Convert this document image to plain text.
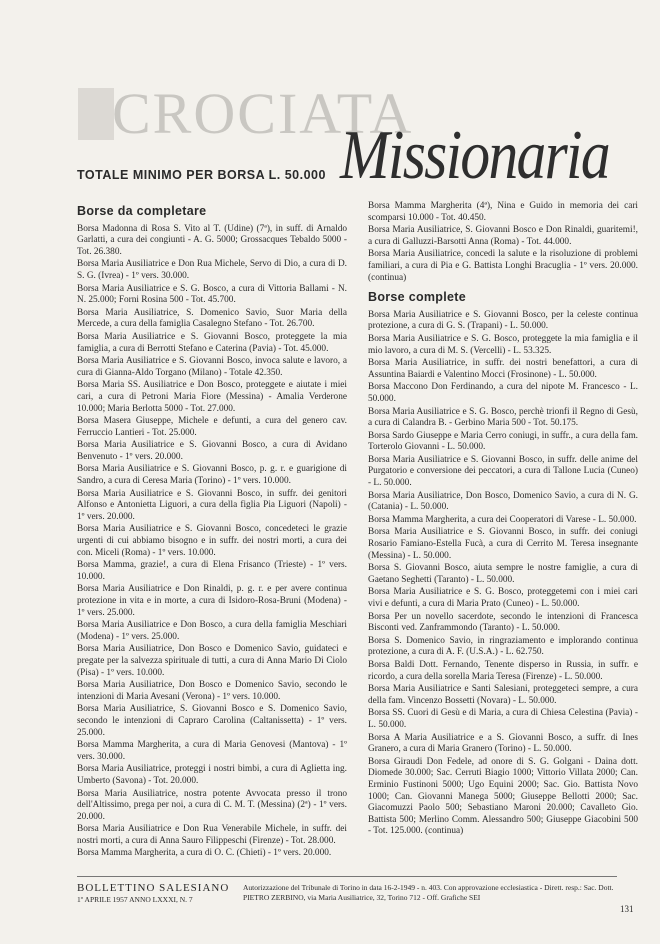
CROCIATA
Missionaria
TOTALE MINIMO PER BORSA L. 50.000
Borse da completare
Borsa Madonna di Rosa S. Vito al T. (Udine) (7ª), in suff. di Arnaldo Garlatti, a cura dei congiunti - A. G. 5000; Grossacques Tebaldo 5000 - Tot. 26.380.
Borsa Maria Ausiliatrice e Don Rua Michele, Servo di Dio, a cura di D. S. G. (Ivrea) - 1º vers. 30.000.
Borsa Maria Ausiliatrice e S. G. Bosco, a cura di Vittoria Ballami - N. N. 25.000; Forni Rosina 500 - Tot. 45.700.
Borsa Maria Ausiliatrice, S. Domenico Savio, Suor Maria della Mercede, a cura della famiglia Casalegno Stefano - Tot. 26.700.
Borsa Maria Ausiliatrice e S. Giovanni Bosco, proteggete la mia famiglia, a cura di Berrotti Stefano e Caterina (Pavia) - Tot. 45.000.
Borsa Maria Ausiliatrice e S. Giovanni Bosco, invoca salute e lavoro, a cura di Gianna-Aldo Torgano (Milano) - Totale 42.350.
Borsa Maria SS. Ausiliatrice e Don Bosco, proteggete e aiutate i miei cari, a cura di Petroni Maria Fiore (Messina) - Amalia Verderone 10.000; Maria Berlotta 5000 - Tot. 27.000.
Borsa Masera Giuseppe, Michele e defunti, a cura del genero cav. Ferruccio Lantieri - Tot. 25.000.
Borsa Maria Ausiliatrice e S. Giovanni Bosco, a cura di Avidano Benvenuto - 1º vers. 20.000.
Borsa Maria Ausiliatrice e S. Giovanni Bosco, p. g. r. e guarigione di Sandro, a cura di Ceresa Maria (Torino) - 1º vers. 10.000.
Borsa Maria Ausiliatrice e S. Giovanni Bosco, in suffr. dei genitori Alfonso e Antonietta Liguori, a cura della figlia Pia Liguori (Napoli) - 1º vers. 20.000.
Borsa Maria Ausiliatrice e S. Giovanni Bosco, concedeteci le grazie urgenti di cui abbiamo bisogno e in suffr. dei nostri morti, a cura dei con. Miceli (Roma) - 1º vers. 10.000.
Borsa Mamma, grazie!, a cura di Elena Frisanco (Trieste) - 1º vers. 10.000.
Borsa Maria Ausiliatrice e Don Rinaldi, p. g. r. e per avere continua protezione in vita e in morte, a cura di Isidoro-Rosa-Bruni (Modena) - 1º vers. 25.000.
Borsa Maria Ausiliatrice e Don Bosco, a cura della famiglia Meschiari (Modena) - 1º vers. 25.000.
Borsa Maria Ausiliatrice, Don Bosco e Domenico Savio, guidateci e pregate per la salvezza spirituale di tutti, a cura di Anna Mario Di Ciolo (Pisa) - 1º vers. 10.000.
Borsa Maria Ausiliatrice, Don Bosco e Domenico Savio, secondo le intenzioni di Maria Avesani (Verona) - 1º vers. 10.000.
Borsa Maria Ausiliatrice, S. Giovanni Bosco e S. Domenico Savio, secondo le intenzioni di Capraro Carolina (Caltanissetta) - 1º vers. 25.000.
Borsa Mamma Margherita, a cura di Maria Genovesi (Mantova) - 1º vers. 30.000.
Borsa Maria Ausiliatrice, proteggi i nostri bimbi, a cura di Aglietta ing. Umberto (Savona) - Tot. 20.000.
Borsa Maria Ausiliatrice, nostra potente Avvocata presso il trono dell'Altissimo, prega per noi, a cura di C. M. T. (Messina) (2ª) - 1º vers. 20.000.
Borsa Maria Ausiliatrice e Don Rua Venerabile Michele, in suffr. dei nostri morti, a cura di Anna Sauro Filippeschi (Firenze) - Tot. 28.000.
Borsa Mamma Margherita, a cura di O. C. (Chieti) - 1º vers. 20.000.
Borsa Mamma Margherita (4ª), Nina e Guido in memoria dei cari scomparsi 10.000 - Tot. 40.450.
Borsa Maria Ausiliatrice, S. Giovanni Bosco e Don Rinaldi, guaritemi!, a cura di Galluzzi-Barsotti Anna (Roma) - Tot. 44.000.
Borsa Maria Ausiliatrice, concedi la salute e la risoluzione di problemi familiari, a cura di Pia e G. Battista Longhi Bracuglia - 1º vers. 20.000. (continua)
Borse complete
Borsa Maria Ausiliatrice e S. Giovanni Bosco, per la celeste continua protezione, a cura di G. S. (Trapani) - L. 50.000.
Borsa Maria Ausiliatrice e S. G. Bosco, proteggete la mia famiglia e il mio lavoro, a cura di M. S. (Vercelli) - L. 53.325.
Borsa Maria Ausiliatrice, in suffr. dei nostri benefattori, a cura di Assuntina Baiardi e Valentino Mocci (Frosinone) - L. 50.000.
Borsa Maccono Don Ferdinando, a cura del nipote M. Francesco - L. 50.000.
Borsa Maria Ausiliatrice e S. G. Bosco, perchè trionfi il Regno di Gesù, a cura di Calandra B. - Gerbino Maria 500 - Tot. 50.175.
Borsa Sardo Giuseppe e Maria Cerro coniugi, in suffr., a cura della fam. Torterolo Giovanni - L. 50.000.
Borsa Maria Ausiliatrice e S. Giovanni Bosco, in suffr. delle anime del Purgatorio e conversione dei peccatori, a cura di Tallone Lucia (Cuneo) - L. 50.000.
Borsa Maria Ausiliatrice, Don Bosco, Domenico Savio, a cura di N. G. (Catania) - L. 50.000.
Borsa Mamma Margherita, a cura dei Cooperatori di Varese - L. 50.000.
Borsa Maria Ausiliatrice e S. Giovanni Bosco, in suffr. dei coniugi Rosario Famiano-Estella Fucà, a cura di Cerrito M. Teresa insegnante (Messina) - L. 50.000.
Borsa S. Giovanni Bosco, aiuta sempre le nostre famiglie, a cura di Gaetano Seghetti (Taranto) - L. 50.000.
Borsa Maria Ausiliatrice e S. G. Bosco, proteggetemi con i miei cari vivi e defunti, a cura di Maria Prato (Cuneo) - L. 50.000.
Borsa Per un novello sacerdote, secondo le intenzioni di Francesca Bisconti ved. Zanframmondo (Taranto) - L. 50.000.
Borsa S. Domenico Savio, in ringraziamento e implorando continua protezione, a cura di A. F. (U.S.A.) - L. 62.750.
Borsa Baldi Dott. Fernando, Tenente disperso in Russia, in suffr. e ricordo, a cura della sorella Maria Teresa (Firenze) - L. 50.000.
Borsa Maria Ausiliatrice e Santi Salesiani, proteggeteci sempre, a cura della fam. Vincenzo Bossetti (Novara) - L. 50.000.
Borsa SS. Cuori di Gesù e di Maria, a cura di Chiesa Celestina (Pavia) - L. 50.000.
Borsa A Maria Ausiliatrice e a S. Giovanni Bosco, a suffr. di Ines Granero, a cura di Maria Granero (Torino) - L. 50.000.
Borsa Giraudi Don Fedele, ad onore di S. G. Golgani - Daina dott. Diomede 30.000; Sac. Cerruti Biagio 1000; Vittorio Villata 2000; Can. Erminio Fustinoni 5000; Ugo Equini 2000; Sac. Gio. Battista Novo 1000; Can. Giovanni Manega 5000; Giuseppe Bellotti 2000; Sac. Giacomuzzi Paolo 500; Sebastiano Maroni 20.000; Cavalleto Gio. Battista 500; Merlino Comm. Alessandro 500; Giuseppe Giacobini 500 - Tot. 125.000. (continua)
BOLLETTINO SALESIANO
1º APRILE 1957 ANNO LXXXI, N. 7
Autorizzazione del Tribunale di Torino in data 16-2-1949 - n. 403. Con approvazione ecclesiastica - Dirett. resp.: Sac. Dott. PIETRO ZERBINO, via Maria Ausiliatrice, 32, Torino 712 - Off. Grafiche SEI
131
